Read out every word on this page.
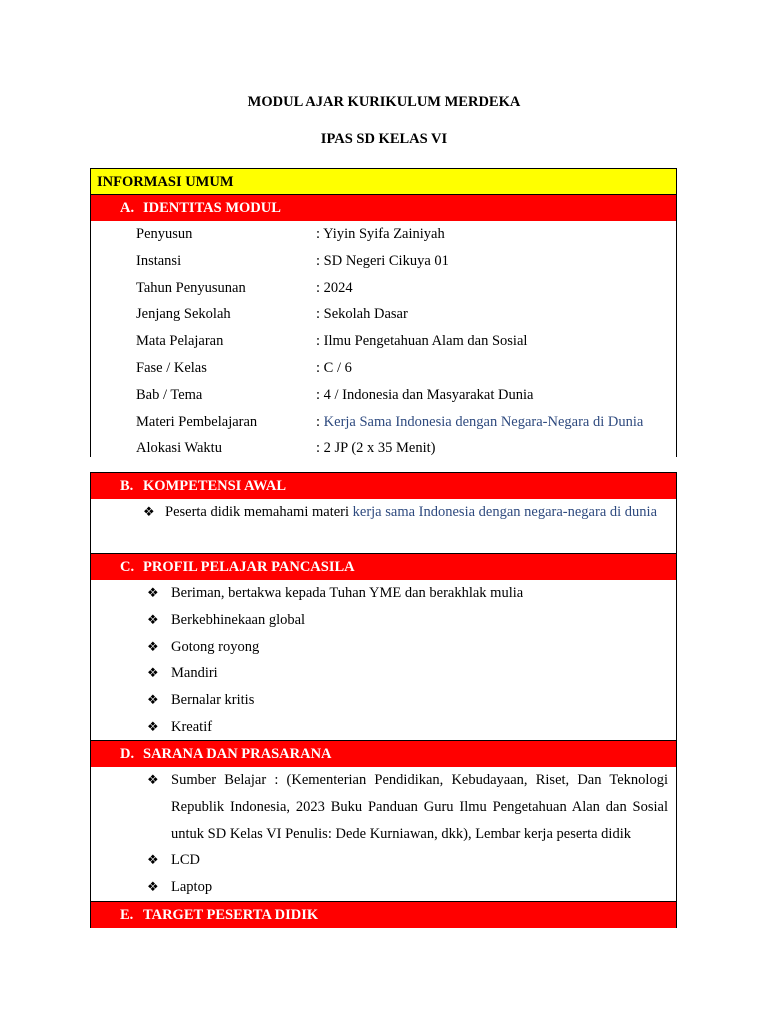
MODUL AJAR KURIKULUM MERDEKA
IPAS SD KELAS VI
INFORMASI UMUM
A. IDENTITAS MODUL
Penyusun	: Yiyin Syifa Zainiyah
Instansi	: SD Negeri Cikuya 01
Tahun Penyusunan	: 2024
Jenjang Sekolah	: Sekolah Dasar
Mata Pelajaran	: Ilmu Pengetahuan Alam dan Sosial
Fase / Kelas	: C / 6
Bab / Tema	: 4 / Indonesia dan Masyarakat Dunia
Materi Pembelajaran	: Kerja Sama Indonesia dengan Negara-Negara di Dunia
Alokasi Waktu	: 2 JP (2 x 35 Menit)
B. KOMPETENSI AWAL
❖ Peserta didik memahami materi kerja sama Indonesia dengan negara-negara di dunia
C. PROFIL PELAJAR PANCASILA
❖ Beriman, bertakwa kepada Tuhan YME dan berakhlak mulia
❖ Berkebhinekaan global
❖ Gotong royong
❖ Mandiri
❖ Bernalar kritis
❖ Kreatif
D. SARANA DAN PRASARANA
❖ Sumber Belajar : (Kementerian Pendidikan, Kebudayaan, Riset, Dan Teknologi Republik Indonesia, 2023 Buku Panduan Guru Ilmu Pengetahuan Alan dan Sosial untuk SD Kelas VI Penulis: Dede Kurniawan, dkk), Lembar kerja peserta didik
❖ LCD
❖ Laptop
E. TARGET PESERTA DIDIK
